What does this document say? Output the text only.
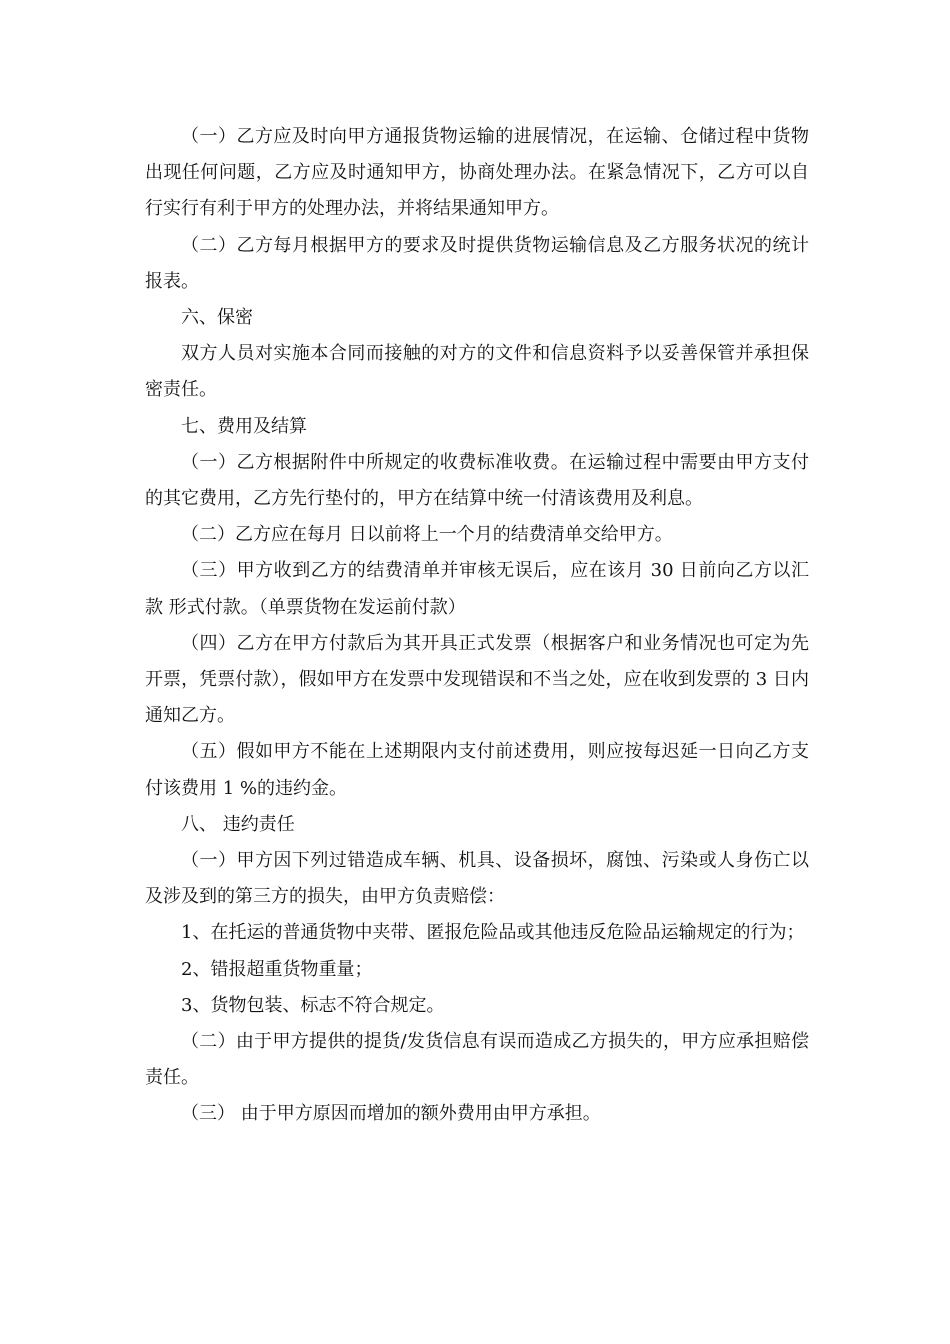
（一）乙方应及时向甲方通报货物运输的进展情况，在运输、仓储过程中货物出现任何问题，乙方应及时通知甲方，协商处理办法。在紧急情况下，乙方可以自行实行有利于甲方的处理办法，并将结果通知甲方。

（二）乙方每月根据甲方的要求及时提供货物运输信息及乙方服务状况的统计报表。

六、保密

双方人员对实施本合同而接触的对方的文件和信息资料予以妥善保管并承担保密责任。

七、费用及结算

（一）乙方根据附件中所规定的收费标准收费。在运输过程中需要由甲方支付的其它费用，乙方先行垫付的，甲方在结算中统一付清该费用及利息。

（二）乙方应在每月 日以前将上一个月的结费清单交给甲方。

（三）甲方收到乙方的结费清单并审核无误后，应在该月 30 日前向乙方以汇款 形式付款。（单票货物在发运前付款）

（四）乙方在甲方付款后为其开具正式发票（根据客户和业务情况也可定为先开票，凭票付款），假如甲方在发票中发现错误和不当之处，应在收到发票的 3 日内通知乙方。

（五）假如甲方不能在上述期限内支付前述费用，则应按每迟延一日向乙方支付该费用 1 %的违约金。

八、 违约责任

（一）甲方因下列过错造成车辆、机具、设备损坏，腐蚀、污染或人身伤亡以及涉及到的第三方的损失，由甲方负责赔偿：

1、在托运的普通货物中夹带、匿报危险品或其他违反危险品运输规定的行为；

2、错报超重货物重量；

3、货物包装、标志不符合规定。

（二）由于甲方提供的提货/发货信息有误而造成乙方损失的，甲方应承担赔偿责任。

（三） 由于甲方原因而增加的额外费用由甲方承担。
